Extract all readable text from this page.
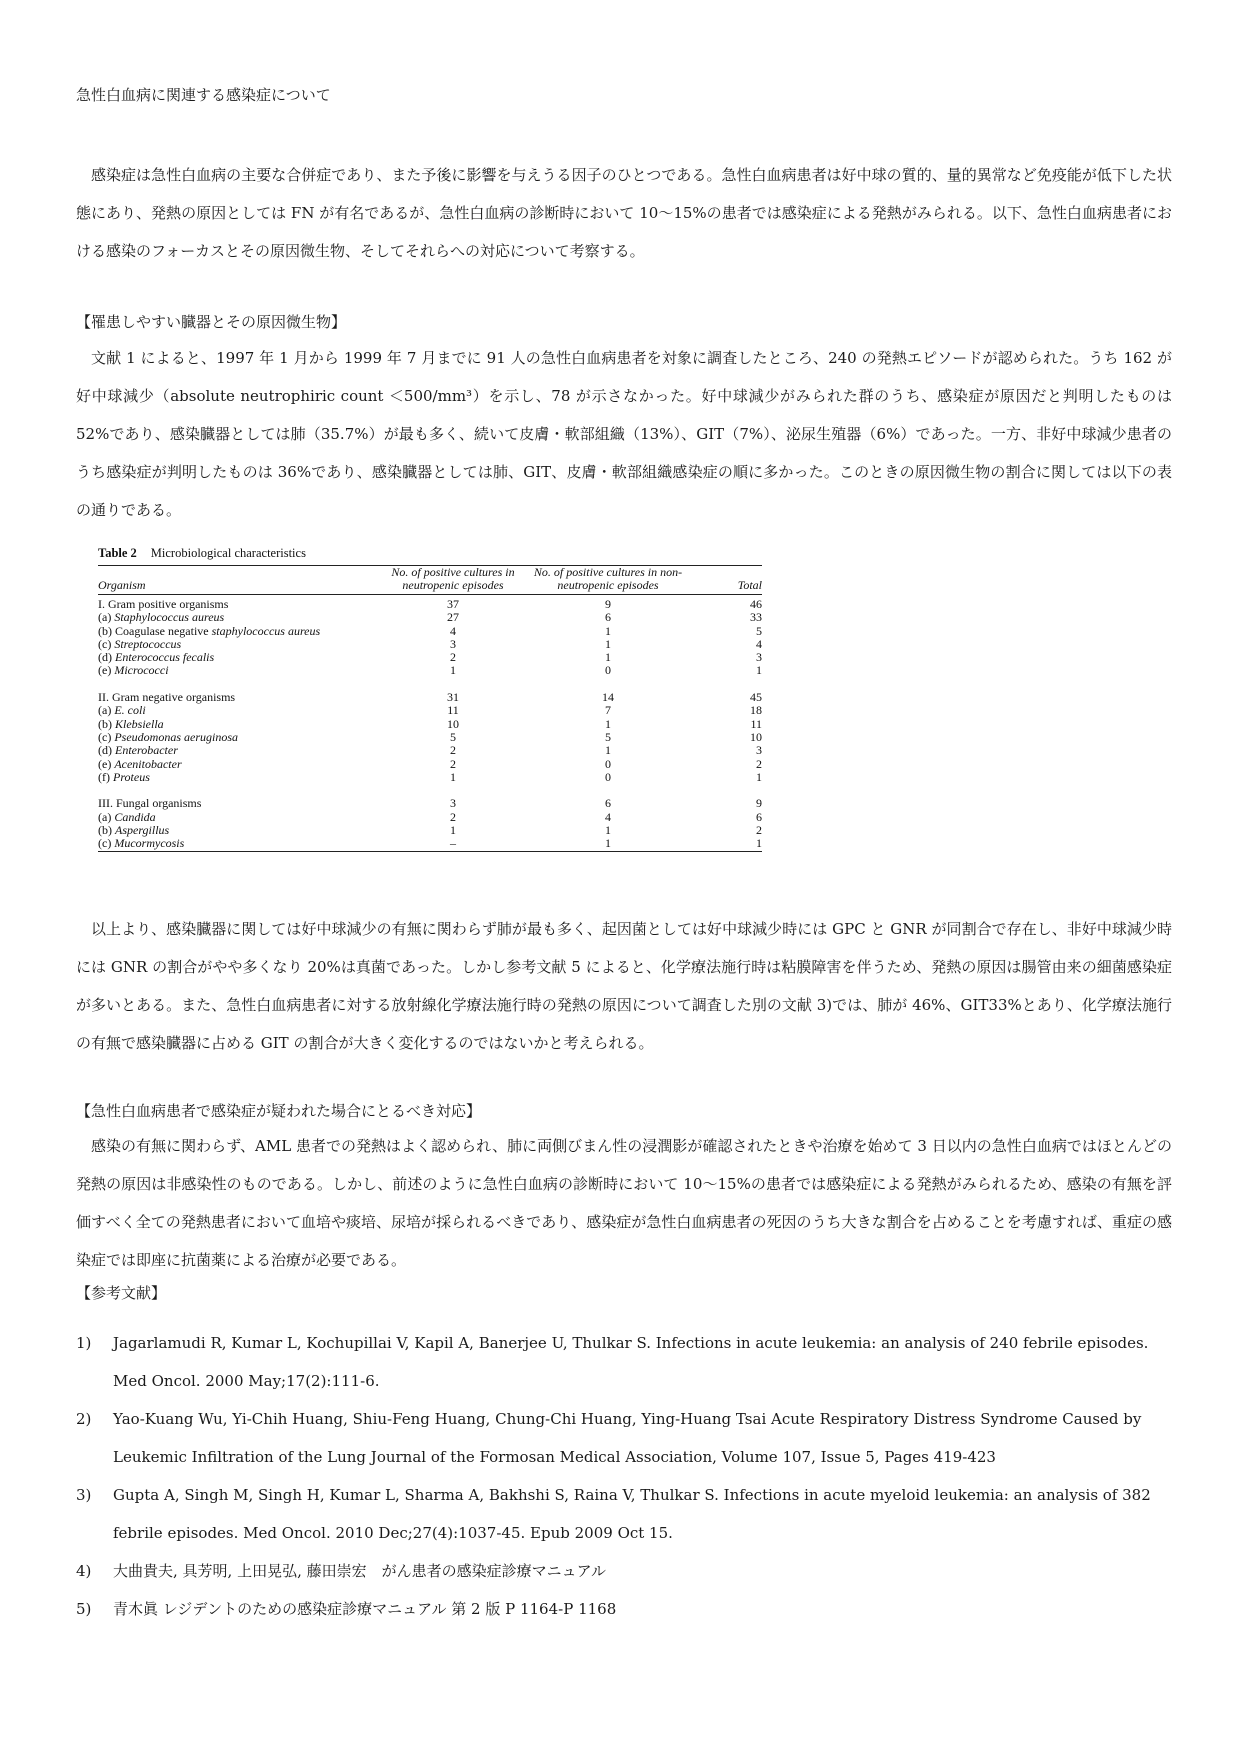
急性白血病に関連する感染症について

感染症は急性白血病の主要な合併症であり、また予後に影響を与えうる因子のひとつである。急性白血病患者は好中球の質的、量的異常など免疫能が低下した状態にあり、発熱の原因としては FN が有名であるが、急性白血病の診断時において 10〜15%の患者では感染症による発熱がみられる。以下、急性白血病患者における感染のフォーカスとその原因微生物、そしてそれらへの対応について考察する。

【罹患しやすい臓器とその原因微生物】

文献 1 によると、1997 年 1 月から 1999 年 7 月までに 91 人の急性白血病患者を対象に調査したところ、240 の発熱エピソードが認められた。うち 162 が好中球減少（absolute neutrophiric count ＜500/mm³）を示し、78 が示さなかった。好中球減少がみられた群のうち、感染症が原因だと判明したものは 52%であり、感染臓器としては肺（35.7%）が最も多く、続いて皮膚・軟部組織（13%）、GIT（7%）、泌尿生殖器（6%）であった。一方、非好中球減少患者のうち感染症が判明したものは 36%であり、感染臓器としては肺、GIT、皮膚・軟部組織感染症の順に多かった。このときの原因微生物の割合に関しては以下の表の通りである。

Table 2 Microbiological characteristics
Organism	No. of positive cultures in neutropenic episodes	No. of positive cultures in non-neutropenic episodes	Total
I. Gram positive organisms	37	9	46
(a) Staphylococcus aureus	27	6	33
(b) Coagulase negative staphylococcus aureus	4	1	5
(c) Streptococcus	3	1	4
(d) Enterococcus fecalis	2	1	3
(e) Micrococci	1	0	1

II. Gram negative organisms	31	14	45
(a) E. coli	11	7	18
(b) Klebsiella	10	1	11
(c) Pseudomonas aeruginosa	5	5	10
(d) Enterobacter	2	1	3
(e) Acenitobacter	2	0	2
(f) Proteus	1	0	1

III. Fungal organisms	3	6	9
(a) Candida	2	4	6
(b) Aspergillus	1	1	2
(c) Mucormycosis	–	1	1

以上より、感染臓器に関しては好中球減少の有無に関わらず肺が最も多く、起因菌としては好中球減少時には GPC と GNR が同割合で存在し、非好中球減少時には GNR の割合がやや多くなり 20%は真菌であった。しかし参考文献 5 によると、化学療法施行時は粘膜障害を伴うため、発熱の原因は腸管由来の細菌感染症が多いとある。また、急性白血病患者に対する放射線化学療法施行時の発熱の原因について調査した別の文献 3)では、肺が 46%、GIT33%とあり、化学療法施行の有無で感染臓器に占める GIT の割合が大きく変化するのではないかと考えられる。

【急性白血病患者で感染症が疑われた場合にとるべき対応】

感染の有無に関わらず、AML 患者での発熱はよく認められ、肺に両側びまん性の浸潤影が確認されたときや治療を始めて 3 日以内の急性白血病ではほとんどの発熱の原因は非感染性のものである。しかし、前述のように急性白血病の診断時において 10〜15%の患者では感染症による発熱がみられるため、感染の有無を評価すべく全ての発熱患者において血培や痰培、尿培が採られるべきであり、感染症が急性白血病患者の死因のうち大きな割合を占めることを考慮すれば、重症の感染症では即座に抗菌薬による治療が必要である。

【参考文献】
1) Jagarlamudi R, Kumar L, Kochupillai V, Kapil A, Banerjee U, Thulkar S. Infections in acute leukemia: an analysis of 240 febrile episodes. Med Oncol. 2000 May;17(2):111-6.
2) Yao-Kuang Wu, Yi-Chih Huang, Shiu-Feng Huang, Chung-Chi Huang, Ying-Huang Tsai Acute Respiratory Distress Syndrome Caused by Leukemic Infiltration of the Lung Journal of the Formosan Medical Association, Volume 107, Issue 5, Pages 419-423
3) Gupta A, Singh M, Singh H, Kumar L, Sharma A, Bakhshi S, Raina V, Thulkar S. Infections in acute myeloid leukemia: an analysis of 382 febrile episodes. Med Oncol. 2010 Dec;27(4):1037-45. Epub 2009 Oct 15.
4) 大曲貴夫, 具芳明, 上田晃弘, 藤田崇宏　がん患者の感染症診療マニュアル
5) 青木眞 レジデントのための感染症診療マニュアル 第 2 版 P 1164-P 1168
